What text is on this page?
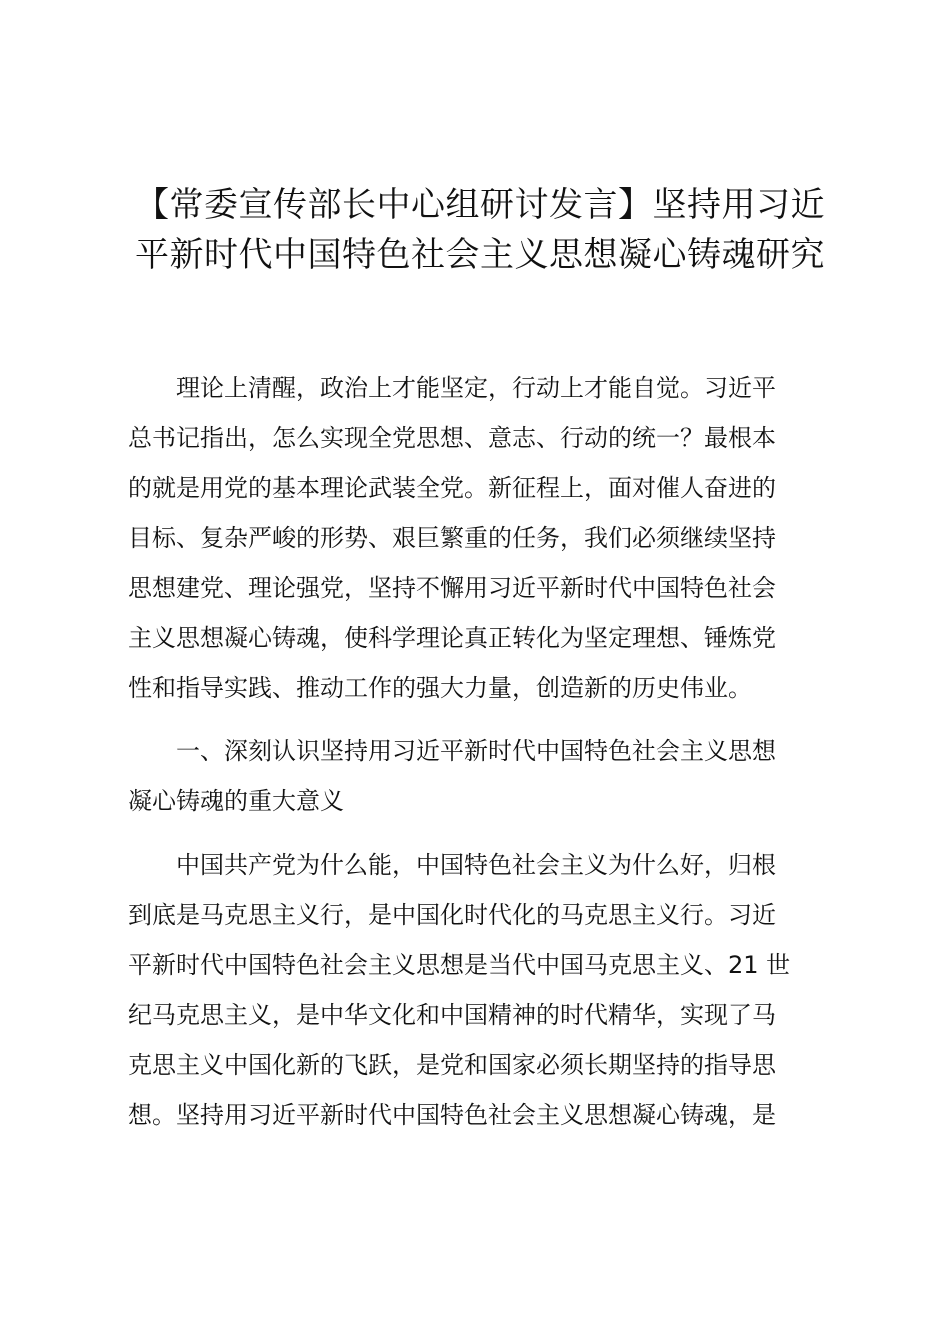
【常委宣传部长中心组研讨发言】坚持用习近
平新时代中国特色社会主义思想凝心铸魂研究

　　理论上清醒，政治上才能坚定，行动上才能自觉。习近平
总书记指出，怎么实现全党思想、意志、行动的统一？最根本
的就是用党的基本理论武装全党。新征程上，面对催人奋进的
目标、复杂严峻的形势、艰巨繁重的任务，我们必须继续坚持
思想建党、理论强党，坚持不懈用习近平新时代中国特色社会
主义思想凝心铸魂，使科学理论真正转化为坚定理想、锤炼党
性和指导实践、推动工作的强大力量，创造新的历史伟业。

　　一、深刻认识坚持用习近平新时代中国特色社会主义思想
凝心铸魂的重大意义

　　中国共产党为什么能，中国特色社会主义为什么好，归根
到底是马克思主义行，是中国化时代化的马克思主义行。习近
平新时代中国特色社会主义思想是当代中国马克思主义、21 世
纪马克思主义，是中华文化和中国精神的时代精华，实现了马
克思主义中国化新的飞跃，是党和国家必须长期坚持的指导思
想。坚持用习近平新时代中国特色社会主义思想凝心铸魂，是
